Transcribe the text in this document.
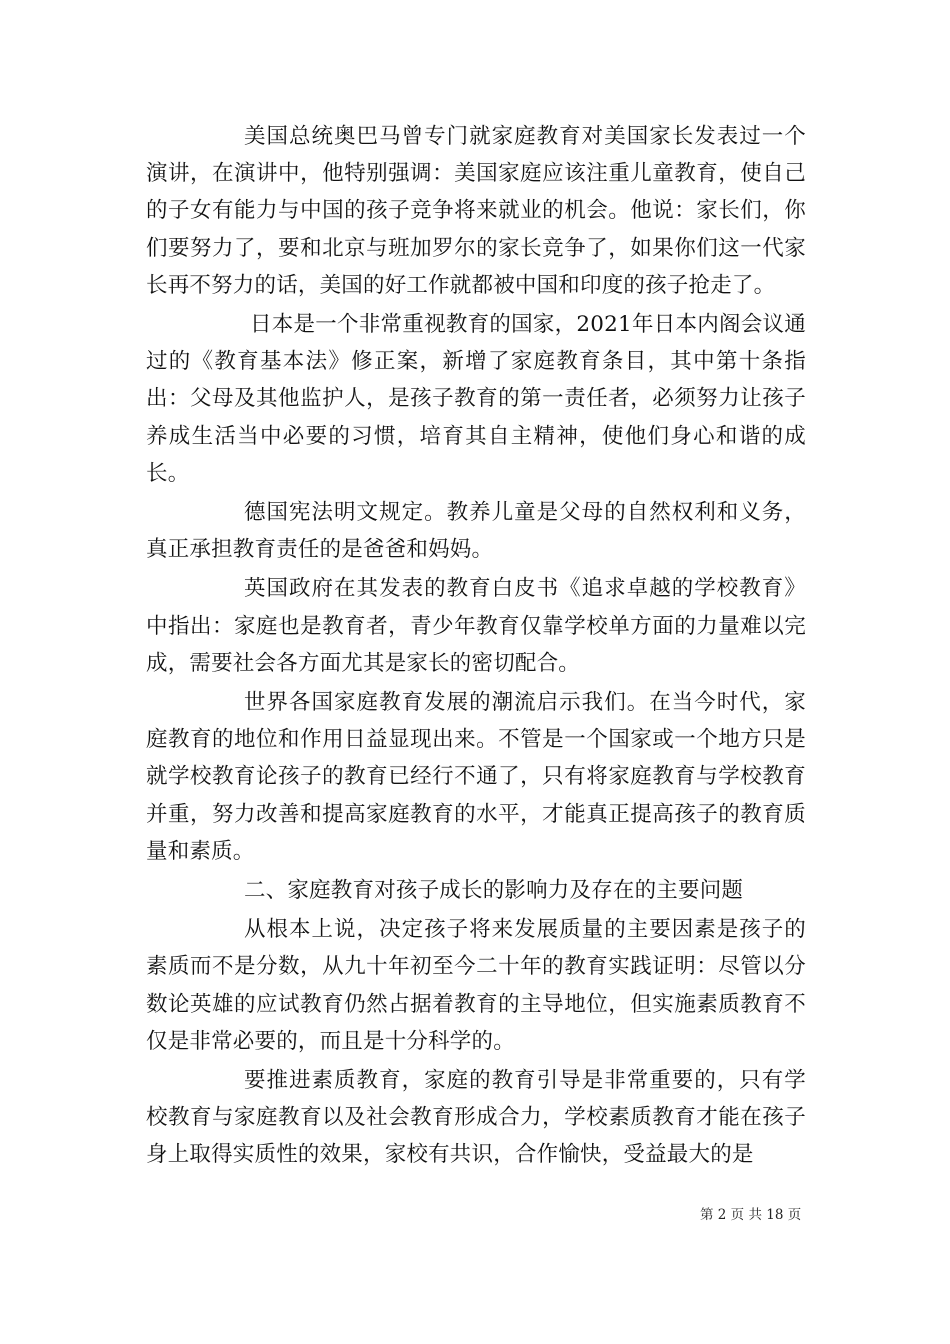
美国总统奥巴马曾专门就家庭教育对美国家长发表过一个演讲，在演讲中，他特别强调：美国家庭应该注重儿童教育，使自己的子女有能力与中国的孩子竞争将来就业的机会。他说：家长们，你们要努力了，要和北京与班加罗尔的家长竞争了，如果你们这一代家长再不努力的话，美国的好工作就都被中国和印度的孩子抢走了。

日本是一个非常重视教育的国家，2021年日本内阁会议通过的《教育基本法》修正案，新增了家庭教育条目，其中第十条指出：父母及其他监护人，是孩子教育的第一责任者，必须努力让孩子养成生活当中必要的习惯，培育其自主精神，使他们身心和谐的成长。

德国宪法明文规定。教养儿童是父母的自然权利和义务，真正承担教育责任的是爸爸和妈妈。

英国政府在其发表的教育白皮书《追求卓越的学校教育》中指出：家庭也是教育者，青少年教育仅靠学校单方面的力量难以完成，需要社会各方面尤其是家长的密切配合。

世界各国家庭教育发展的潮流启示我们。在当今时代，家庭教育的地位和作用日益显现出来。不管是一个国家或一个地方只是就学校教育论孩子的教育已经行不通了，只有将家庭教育与学校教育并重，努力改善和提高家庭教育的水平，才能真正提高孩子的教育质量和素质。

二、家庭教育对孩子成长的影响力及存在的主要问题

从根本上说，决定孩子将来发展质量的主要因素是孩子的素质而不是分数，从九十年初至今二十年的教育实践证明：尽管以分数论英雄的应试教育仍然占据着教育的主导地位，但实施素质教育不仅是非常必要的，而且是十分科学的。

要推进素质教育，家庭的教育引导是非常重要的，只有学校教育与家庭教育以及社会教育形成合力，学校素质教育才能在孩子身上取得实质性的效果，家校有共识，合作愉快，受益最大的是

第 2 页 共 18 页
